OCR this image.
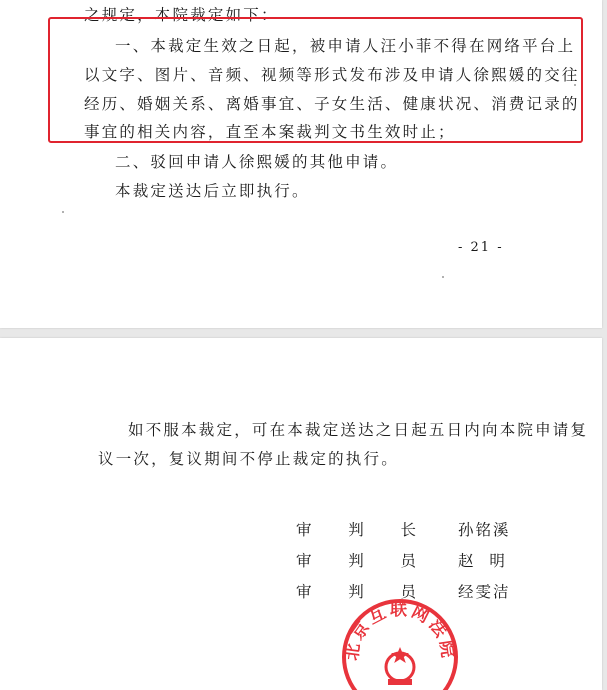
之规定，本院裁定如下：
一、本裁定生效之日起，被申请人汪小菲不得在网络平台上
以文字、图片、音频、视频等形式发布涉及申请人徐熙媛的交往
经历、婚姻关系、离婚事宜、子女生活、健康状况、消费记录的
事宜的相关内容，直至本案裁判文书生效时止；
二、驳回申请人徐熙媛的其他申请。
本裁定送达后立即执行。
- 21 -
如不服本裁定，可在本裁定送达之日起五日内向本院申请复
议一次，复议期间不停止裁定的执行。
审 判 长	孙铭溪
审 判 员	赵  明
审 判 员	经雯洁
北京互联网法院
